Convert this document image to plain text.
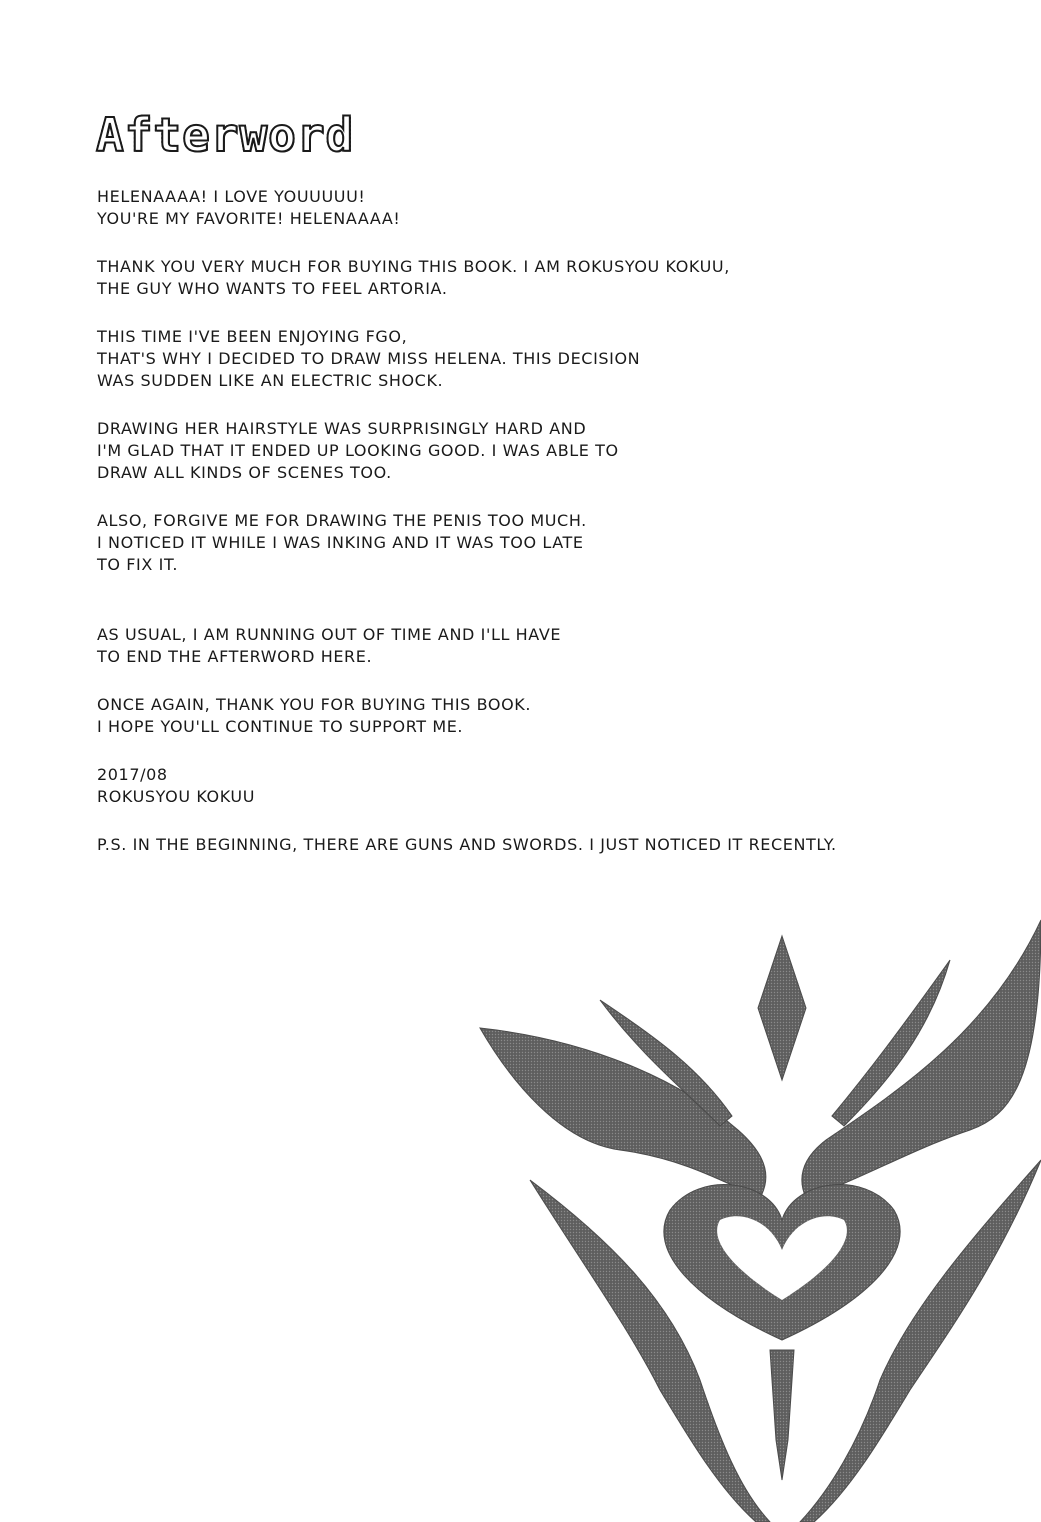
Afterword

HELENAAAA! I LOVE YOUUUUU!
YOU'RE MY FAVORITE! HELENAAAA!

THANK YOU VERY MUCH FOR BUYING THIS BOOK. I AM ROKUSYOU KOKUU,
THE GUY WHO WANTS TO FEEL ARTORIA.

THIS TIME I'VE BEEN ENJOYING FGO,
THAT'S WHY I DECIDED TO DRAW MISS HELENA. THIS DECISION
WAS SUDDEN LIKE AN ELECTRIC SHOCK.

DRAWING HER HAIRSTYLE WAS SURPRISINGLY HARD AND
I'M GLAD THAT IT ENDED UP LOOKING GOOD. I WAS ABLE TO
DRAW ALL KINDS OF SCENES TOO.

ALSO, FORGIVE ME FOR DRAWING THE PENIS TOO MUCH.
I NOTICED IT WHILE I WAS INKING AND IT WAS TOO LATE
TO FIX IT.

AS USUAL, I AM RUNNING OUT OF TIME AND I'LL HAVE
TO END THE AFTERWORD HERE.

ONCE AGAIN, THANK YOU FOR BUYING THIS BOOK.
I HOPE YOU'LL CONTINUE TO SUPPORT ME.

2017/08
ROKUSYOU KOKUU

P.S. IN THE BEGINNING, THERE ARE GUNS AND SWORDS. I JUST NOTICED IT RECENTLY.
